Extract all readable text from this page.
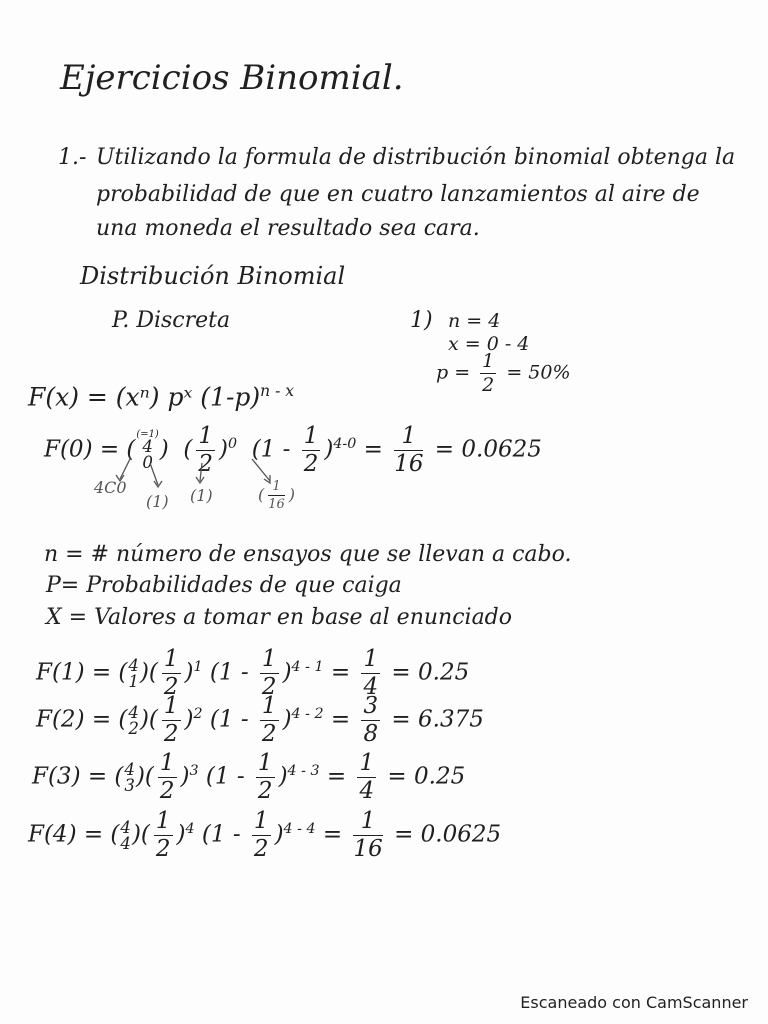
Ejercicios Binomial.
1.- Utilizando la formula de distribución binomial obtenga la
probabilidad de que en cuatro lanzamientos al aire de
una moneda el resultado sea cara.
Distribución Binomial
P. Discreta	1) n = 4
x = 0 - 4
$p = \frac{1}{2} = 50\%$
F(x) = (xⁿ) pˣ $(1-p)^{n - x}$
F(0) = (
(=1)
4
0
)  ( $\frac{1}{2} )^0$ $(1 - \frac{1}{2} )^{4-0} = \frac{1}{16} = 0.0625$
4C0
(1) (1)	( $\frac{1}{16}$ )
n = # número de ensayos que se llevan a cabo.
P= Probabilidades de que caiga
X = Valores a tomar en base al enunciado
F(1) = ( 4
1 )( $\frac{1}{2} )^1$ $(1 - \frac{1}{2} )^{4 - 1} = \frac{1}{4} = 0.25$
F(2) = ( 4
2 )( $\frac{1}{2} )^2$ $(1 - \frac{1}{2} )^{4 - 2} = \frac{3}{8} = 6.375$
F(3) = ( 4
3 )( $\frac{1}{2} )^3$ $(1 - \frac{1}{2} )^{4 - 3} = \frac{1}{4} = 0.25$
F(4) = ( 4
4 )( $\frac{1}{2} )^4$ $(1 - \frac{1}{2} )^{4 - 4} = \frac{1}{16} = 0.0625$
Escaneado con CamScanner
